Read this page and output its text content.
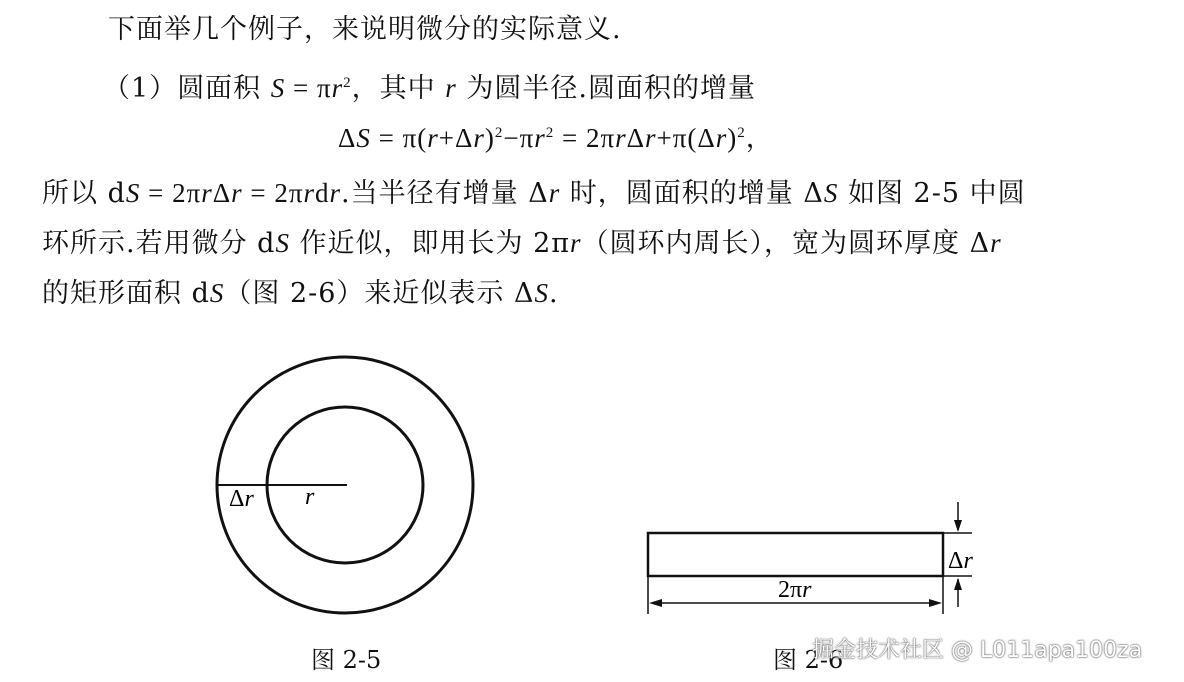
下面举几个例子，来说明微分的实际意义.
（1）圆面积 $S = \pi r^2$，其中 r 为圆半径.圆面积的增量
$\Delta S = \pi(r+\Delta r)^2-\pi r^2 = 2\pi r\Delta r+\pi(\Delta r)^2$，
所以 dS = 2πrΔr = 2πrdr.当半径有增量 Δr 时，圆面积的增量 ΔS 如图 2-5 中圆
环所示.若用微分 dS 作近似，即用长为 2πr（圆环内周长），宽为圆环厚度 Δr
的矩形面积 dS（图 2-6）来近似表示 ΔS.
Δr r
Δr
2πr
图 2-5	图 2-6
掘金技术社区 @ L011apa100za
